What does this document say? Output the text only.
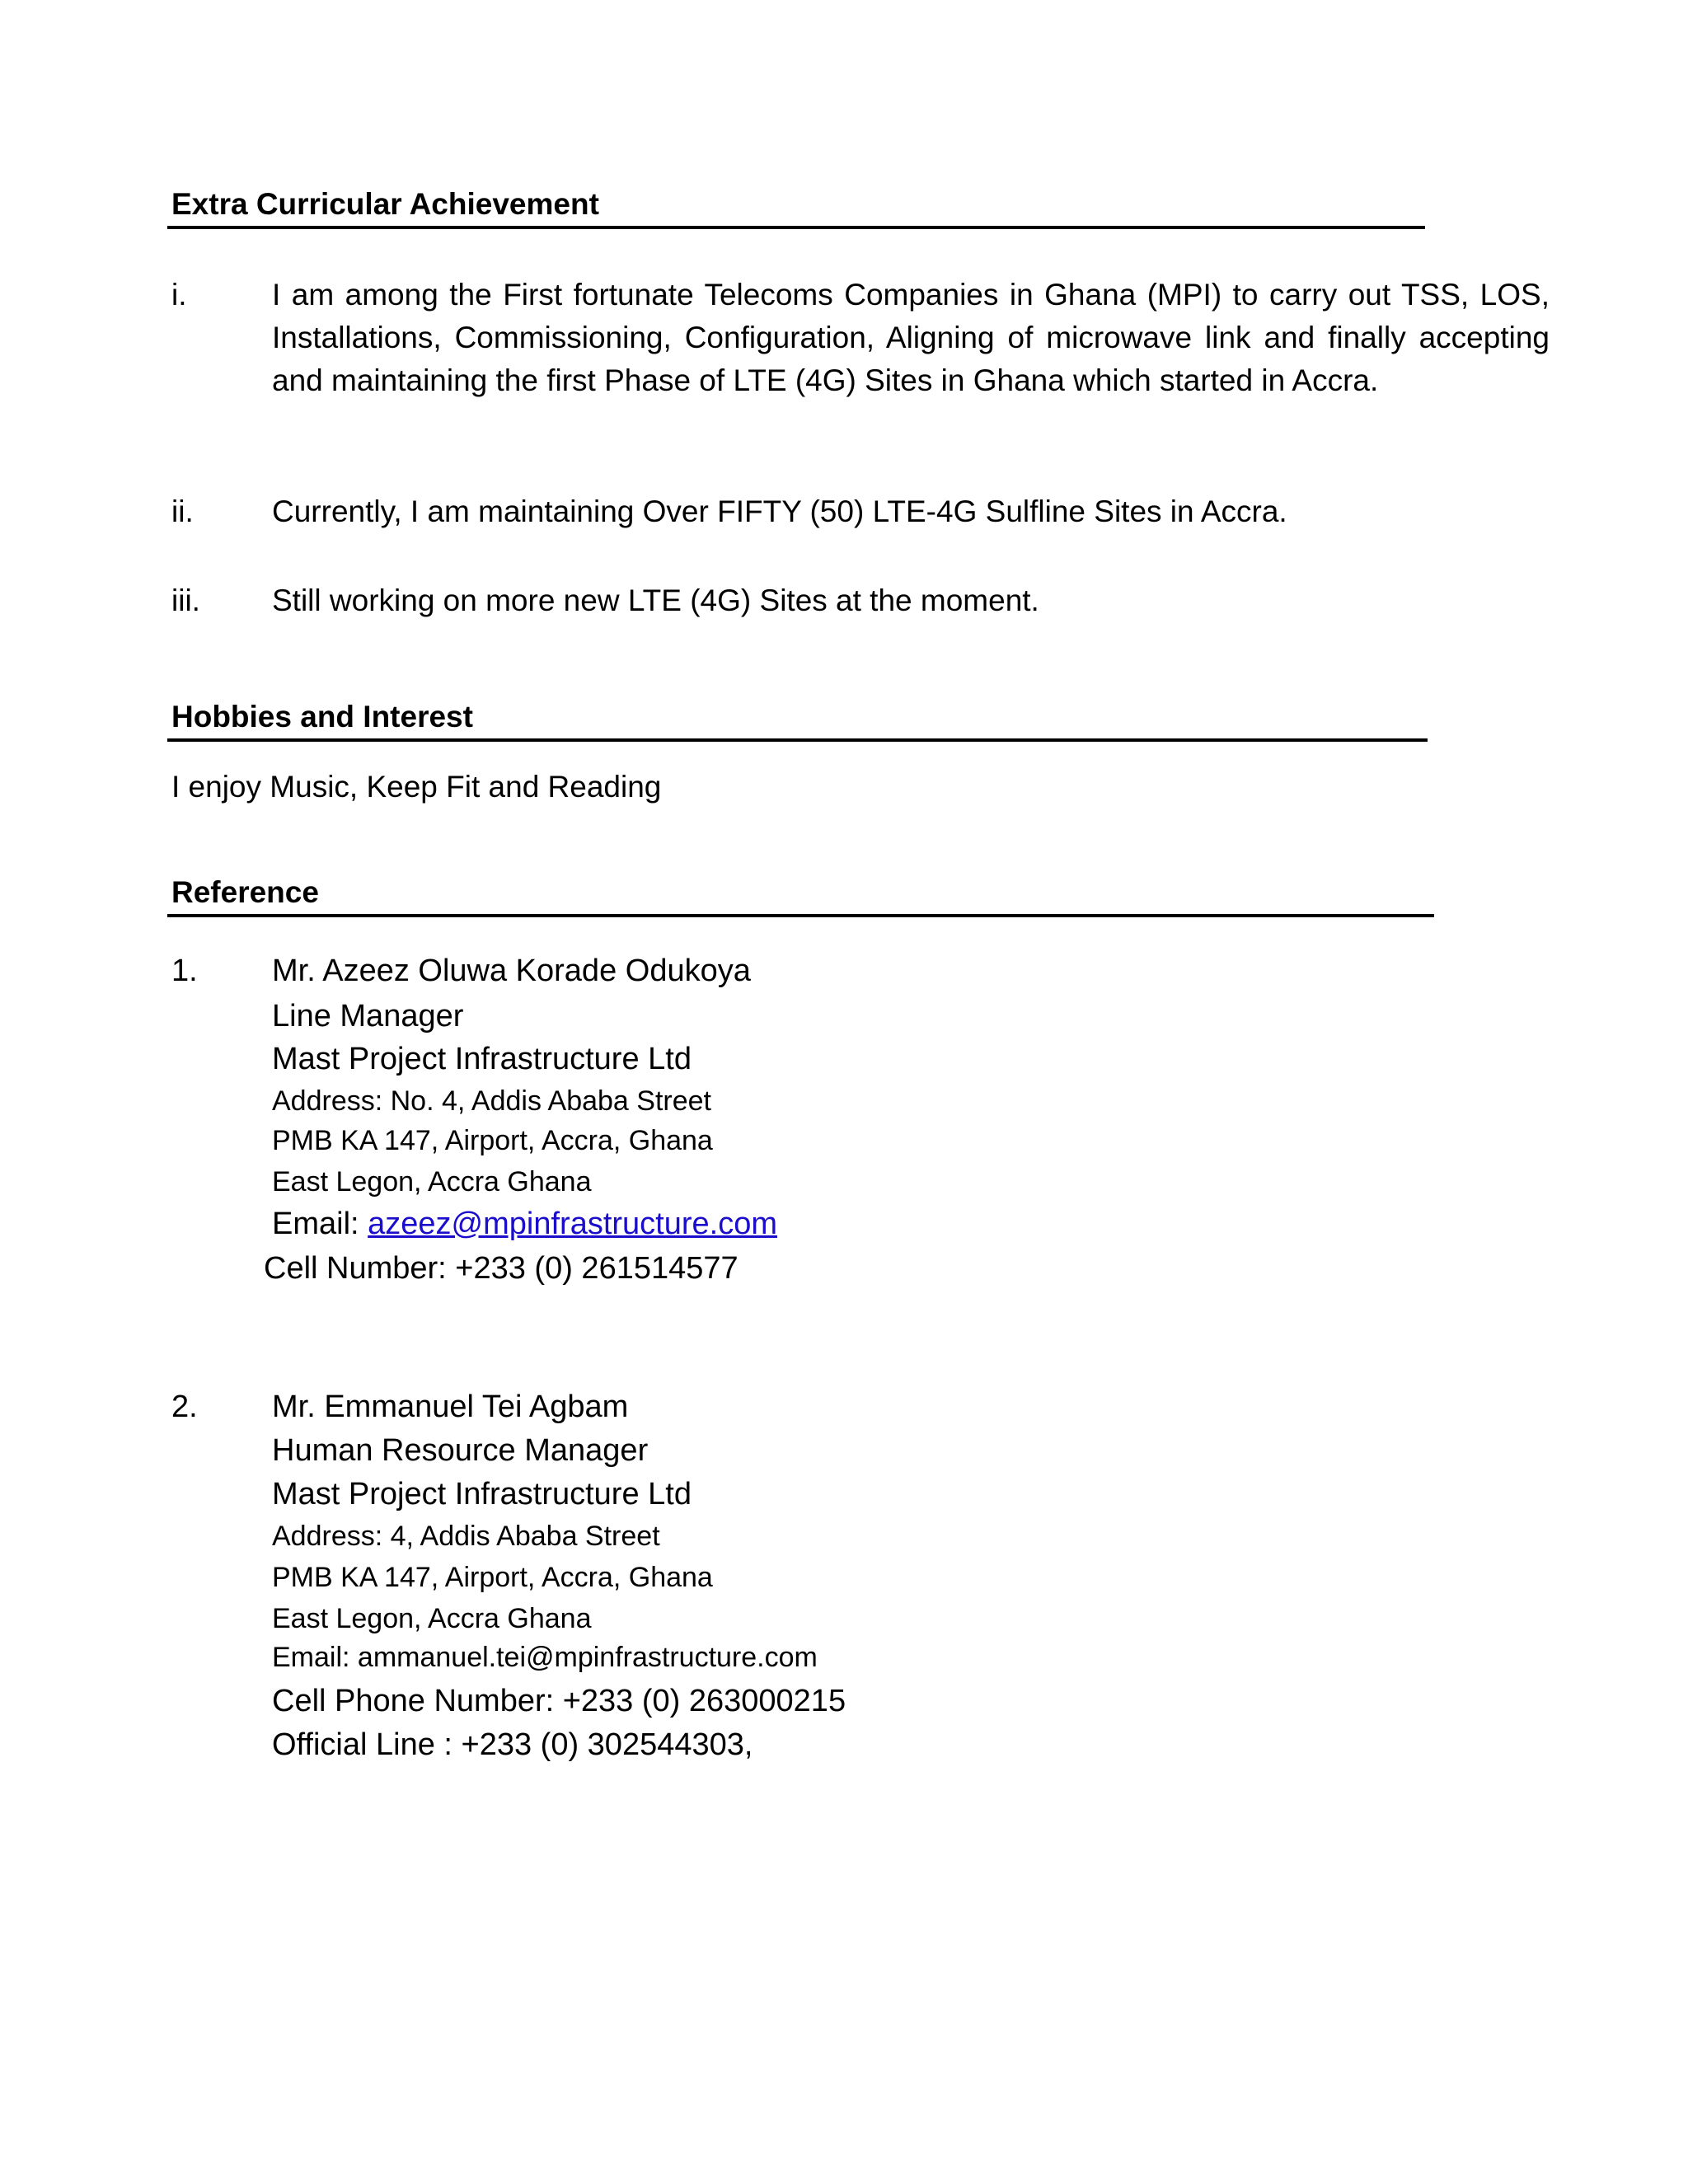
Extra Curricular Achievement
i.	I am among the First fortunate Telecoms Companies in Ghana (MPI) to carry out TSS, LOS, Installations, Commissioning, Configuration, Aligning of microwave link and finally accepting and maintaining the first Phase of LTE (4G) Sites in Ghana which started in Accra.
ii.	Currently, I am maintaining Over FIFTY (50) LTE-4G Sulfline Sites in Accra.
iii. Still working on more new LTE (4G) Sites at the moment.
Hobbies and Interest
I enjoy Music, Keep Fit and Reading
Reference
1. Mr. Azeez Oluwa Korade Odukoya
Line Manager
Mast Project Infrastructure Ltd
Address: No. 4, Addis Ababa Street
PMB KA 147, Airport, Accra, Ghana
East Legon, Accra Ghana
Email: azeez@mpinfrastructure.com
Cell Number: +233 (0) 261514577
2. Mr. Emmanuel Tei Agbam
Human Resource Manager
Mast Project Infrastructure Ltd
Address: 4, Addis Ababa Street
PMB KA 147, Airport, Accra, Ghana
East Legon, Accra Ghana
Email: ammanuel.tei@mpinfrastructure.com
Cell Phone Number: +233 (0) 263000215
Official Line : +233 (0) 302544303,
